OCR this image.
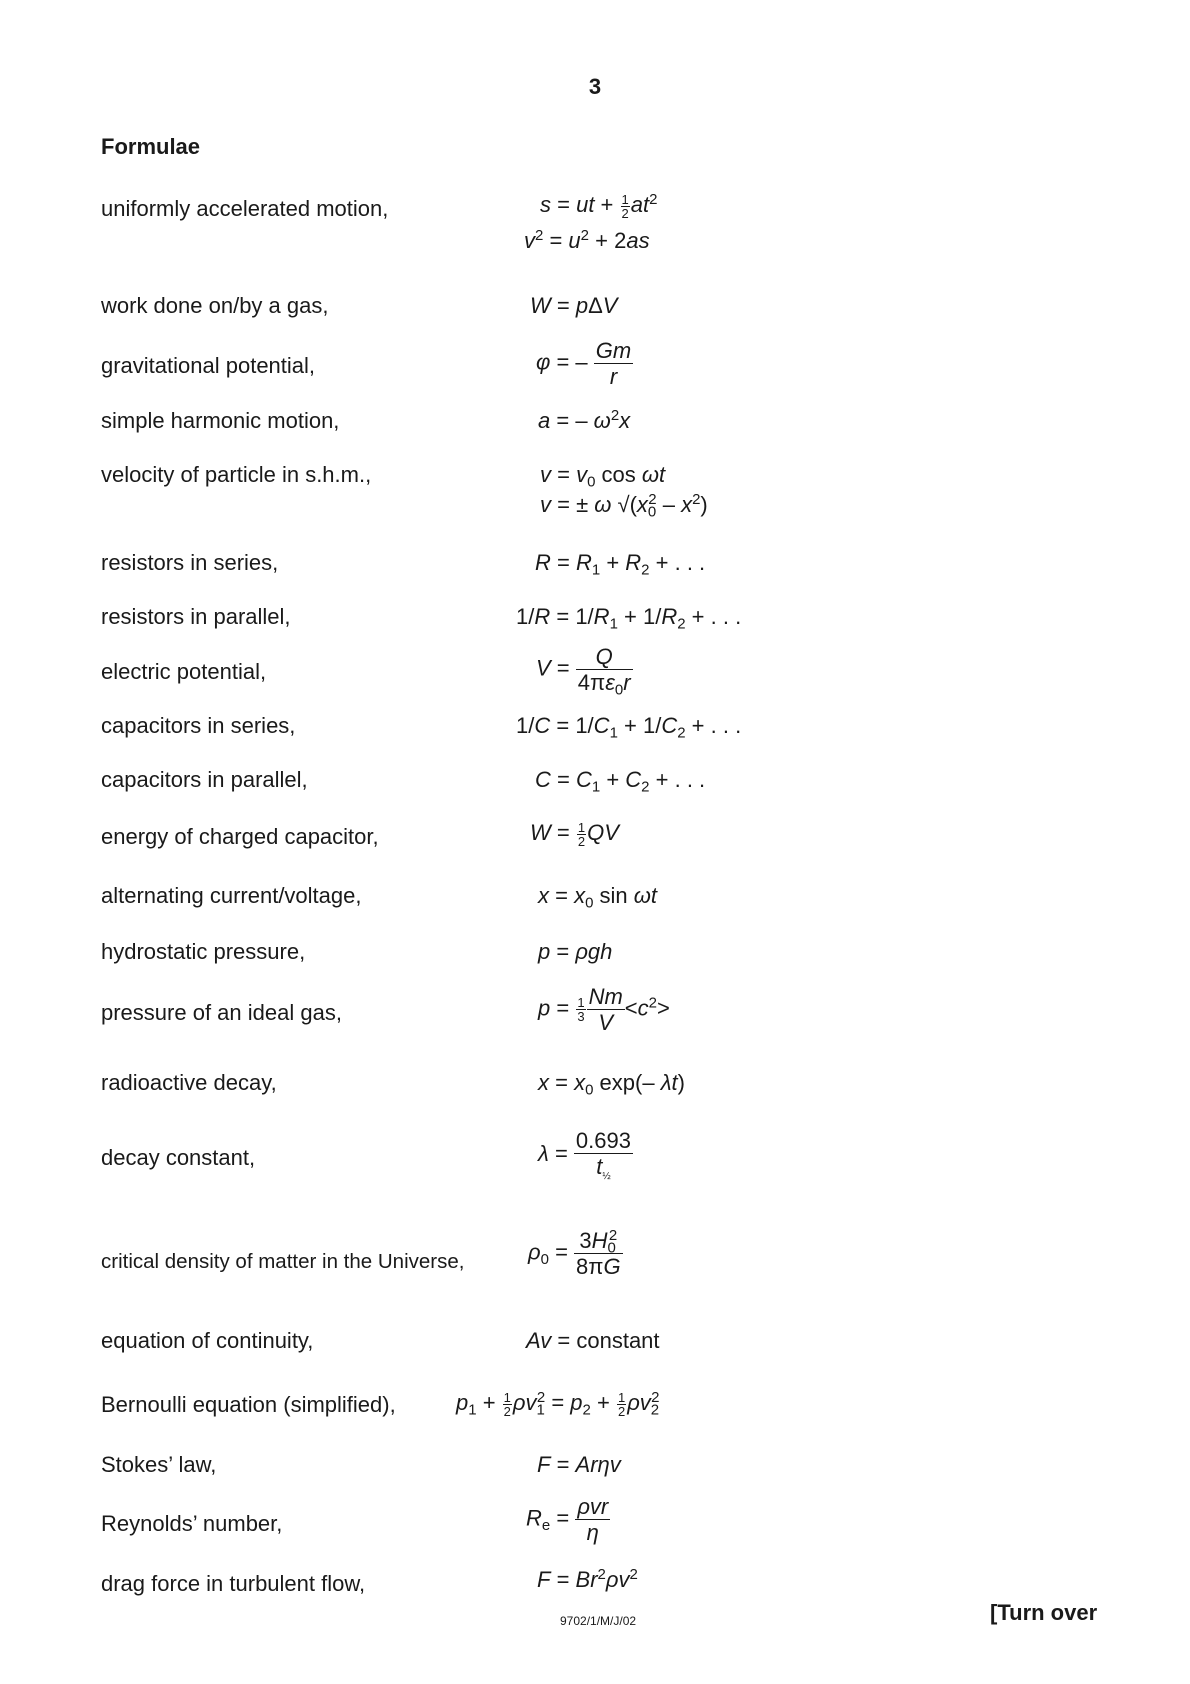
3
Formulae
uniformly accelerated motion,	s = ut + $\frac{1}{2} at^2$
$v^2 = u^2 + 2as$
work done on/by a gas,	W = pΔV
gravitational potential,	φ = – $\frac{Gm}{r}$
simple harmonic motion,	a = – $\omega^2x$
velocity of particle in s.h.m.,	$v = v_0$ cos ωt
v = ± ω $√(x_0^2 - x^2)$
resistors in series,	$R = R_1 + R_2$ + . . .
resistors in parallel,	$1/R = 1/R_1 + 1/R_2$ + . . .
electric potential,	$V = \frac{Q}{4\pi\varepsilon_0r}$
capacitors in series,	$1/C = 1/C_1 + 1/C_2$ + . . .
capacitors in parallel,	$C = C_1 + C_2$ + . . .
energy of charged capacitor,	$W = \frac{1}{2}$ QV
alternating current/voltage,	$x = x_0$ sin ωt
hydrostatic pressure,	p = ρgh
pressure of an ideal gas,	$p = \frac{1}{3} \frac{Nm}{V} <c^2>$
radioactive decay,	$x = x_0$ exp(– λt)
decay constant,	$\lambda = \frac{0.693}{t_{\frac{1}{2}}}$
critical density of matter in the Universe,	$\rho_0 = \frac{3H_0^2}{8\pi G}$
equation of continuity,	Av = constant
Bernoulli equation (simplified),	$p_1 + \frac{1}{2} \rho v_1^2 = p_2 + \frac{1}{2} \rho v_2^2$
Stokes’ law,	F = Arηv
Reynolds’ number,	$R_e = \frac{\text{ρvr}}{\eta}$
drag force in turbulent flow,	$F = Br^2\rho v^2$
9702/1/M/J/02	[Turn over
